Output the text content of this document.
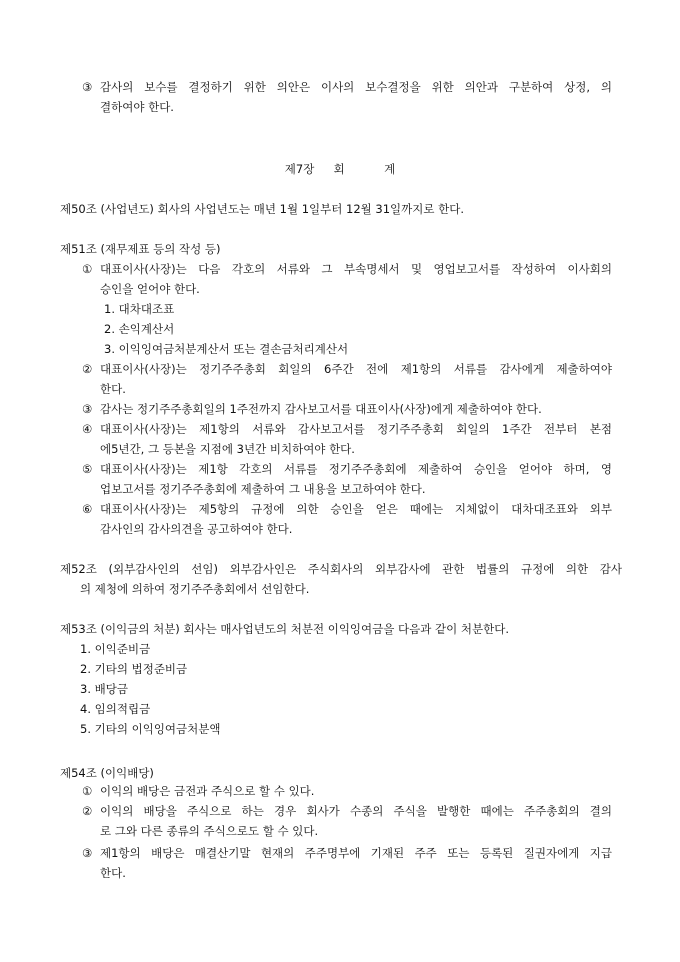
③ 감사의 보수를 결정하기 위한 의안은 이사의 보수결정을 위한 의안과 구분하여 상정, 의
결하여야 한다.
제7장 회	계
제50조 (사업년도) 회사의 사업년도는 매년 1월 1일부터 12월 31일까지로 한다.
제51조 (재무제표 등의 작성 등)
① 대표이사(사장)는 다음 각호의 서류와 그 부속명세서 및 영업보고서를 작성하여 이사회의
승인을 얻어야 한다.
1. 대차대조표
2. 손익계산서
3. 이익잉여금처분계산서 또는 결손금처리계산서
② 대표이사(사장)는 정기주주총회 회일의 6주간 전에 제1항의 서류를 감사에게 제출하여야
한다.
③ 감사는 정기주주총회일의 1주전까지 감사보고서를 대표이사(사장)에게 제출하여야 한다.
④ 대표이사(사장)는 제1항의 서류와 감사보고서를 정기주주총회 회일의 1주간 전부터 본점
에5년간, 그 등본을 지점에 3년간 비치하여야 한다.
⑤ 대표이사(사장)는 제1항 각호의 서류를 정기주주총회에 제출하여 승인을 얻어야 하며, 영
업보고서를 정기주주총회에 제출하여 그 내용을 보고하여야 한다.
⑥ 대표이사(사장)는 제5항의 규정에 의한 승인을 얻은 때에는 지체없이 대차대조표와 외부
감사인의 감사의견을 공고하여야 한다.
제52조 (외부감사인의 선임) 외부감사인은 주식회사의 외부감사에 관한 법률의 규정에 의한 감사
의 제청에 의하여 정기주주총회에서 선임한다.
제53조 (이익금의 처분) 회사는 매사업년도의 처분전 이익잉여금을 다음과 같이 처분한다.
1. 이익준비금
2. 기타의 법정준비금
3. 배당금
4. 임의적립금
5. 기타의 이익잉여금처분액
제54조 (이익배당)
① 이익의 배당은 금전과 주식으로 할 수 있다.
② 이익의 배당을 주식으로 하는 경우 회사가 수종의 주식을 발행한 때에는 주주총회의 결의
로 그와 다른 종류의 주식으로도 할 수 있다.
③ 제1항의 배당은 매결산기말 현재의 주주명부에 기재된 주주 또는 등록된 질권자에게 지급
한다.
